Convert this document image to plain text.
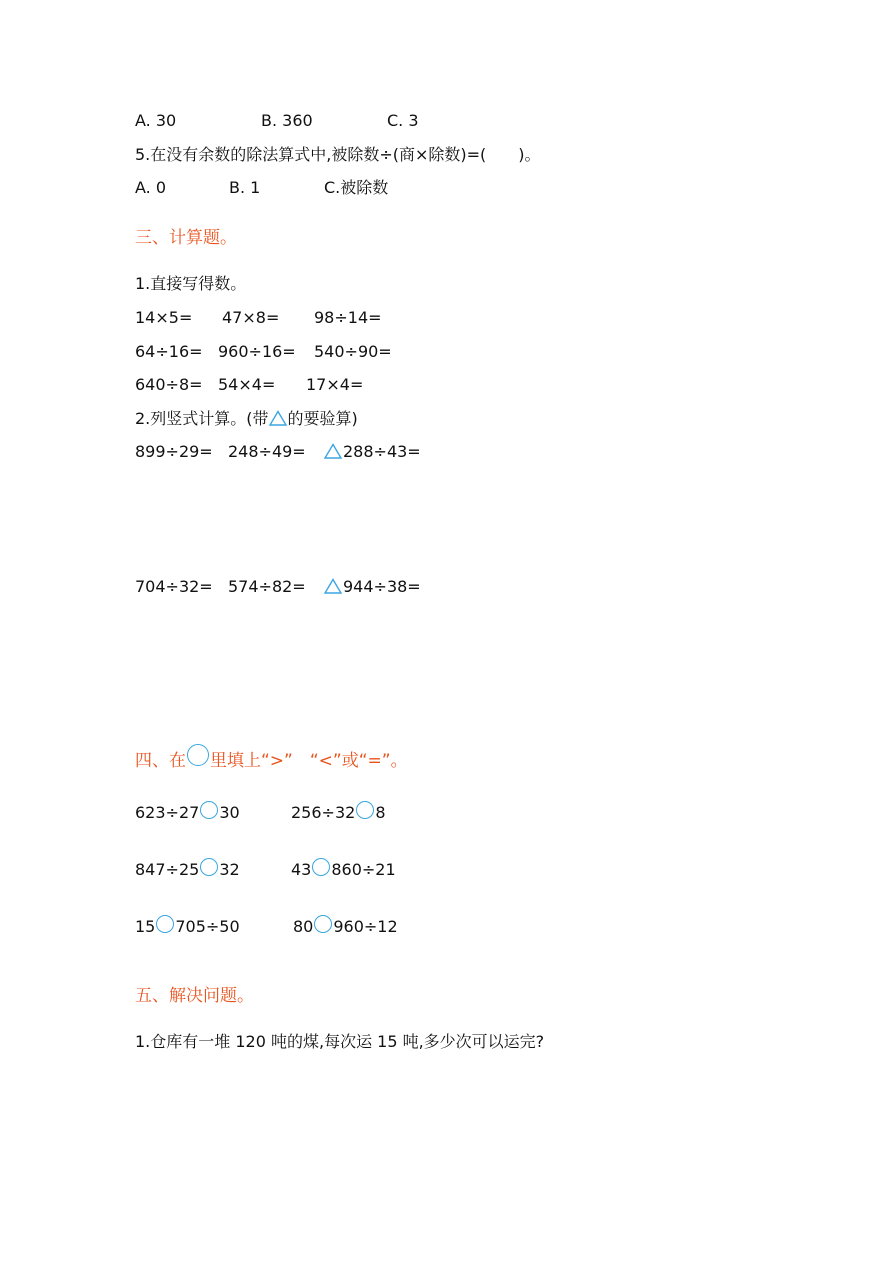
A. 30	B. 360	C. 3
5.在没有余数的除法算式中,被除数÷(商×除数)=(　　)。
A. 0	B. 1	C.被除数
三、计算题。
1.直接写得数。
14×5= 47×8= 98÷14=
64÷16= 960÷16= 540÷90=
640÷8= 54×4= 17×4=
2.列竖式计算。(带 的要验算)
899÷29= 248÷49=	288÷43=
704÷32= 574÷82=	944÷38=
四、在 里填上“>”　“<”或“=”。
623÷27 30	256÷32 8
847÷25 32	43 860÷21
15 705÷50	80 960÷12
五、解决问题。
1.仓库有一堆 120 吨的煤,每次运 15 吨,多少次可以运完?
